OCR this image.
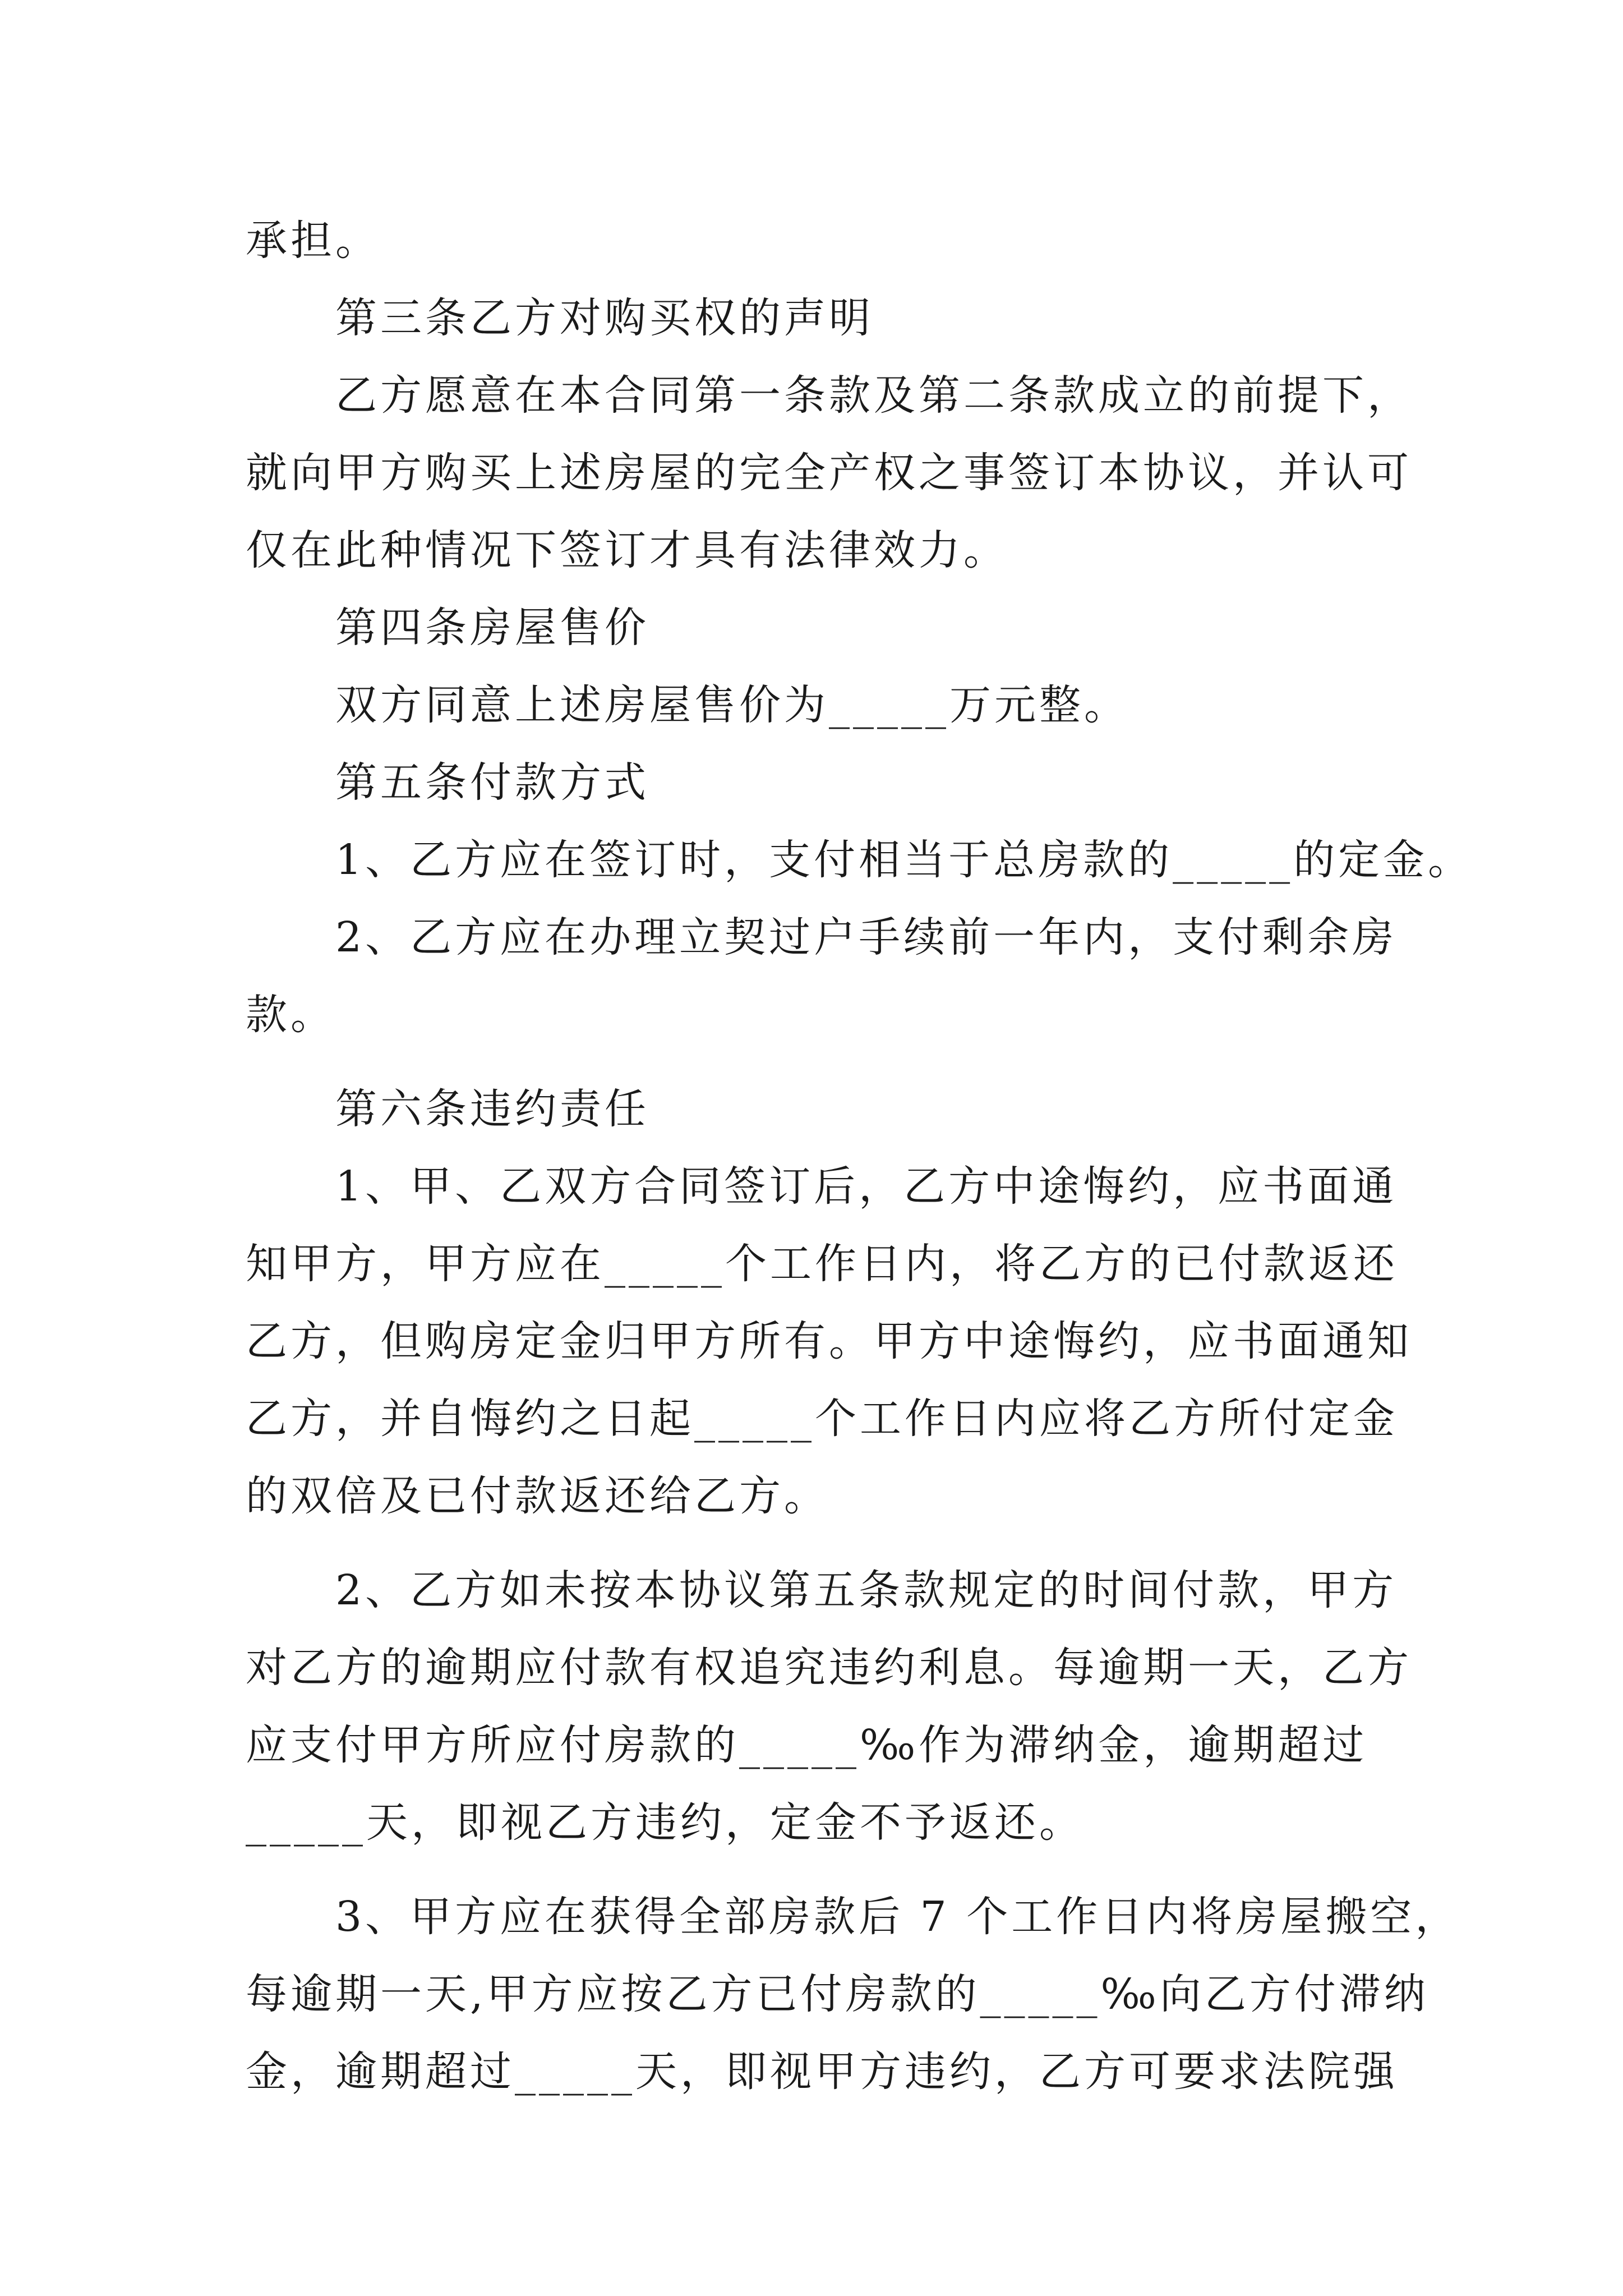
承担。
第三条乙方对购买权的声明
乙方愿意在本合同第一条款及第二条款成立的前提下，
就向甲方购买上述房屋的完全产权之事签订本协议，并认可
仅在此种情况下签订才具有法律效力。
第四条房屋售价
双方同意上述房屋售价为_____万元整。
第五条付款方式
1、乙方应在签订时，支付相当于总房款的_____的定金。
2、乙方应在办理立契过户手续前一年内，支付剩余房
款。
第六条违约责任
1、甲、乙双方合同签订后，乙方中途悔约，应书面通
知甲方，甲方应在_____个工作日内，将乙方的已付款返还
乙方，但购房定金归甲方所有。甲方中途悔约，应书面通知
乙方，并自悔约之日起_____个工作日内应将乙方所付定金
的双倍及已付款返还给乙方。
2、乙方如未按本协议第五条款规定的时间付款，甲方
对乙方的逾期应付款有权追究违约利息。每逾期一天，乙方
应支付甲方所应付房款的_____‰作为滞纳金，逾期超过
_____天，即视乙方违约，定金不予返还。
3、甲方应在获得全部房款后 7 个工作日内将房屋搬空，
每逾期一天,甲方应按乙方已付房款的_____‰向乙方付滞纳
金，逾期超过_____天，即视甲方违约，乙方可要求法院强
